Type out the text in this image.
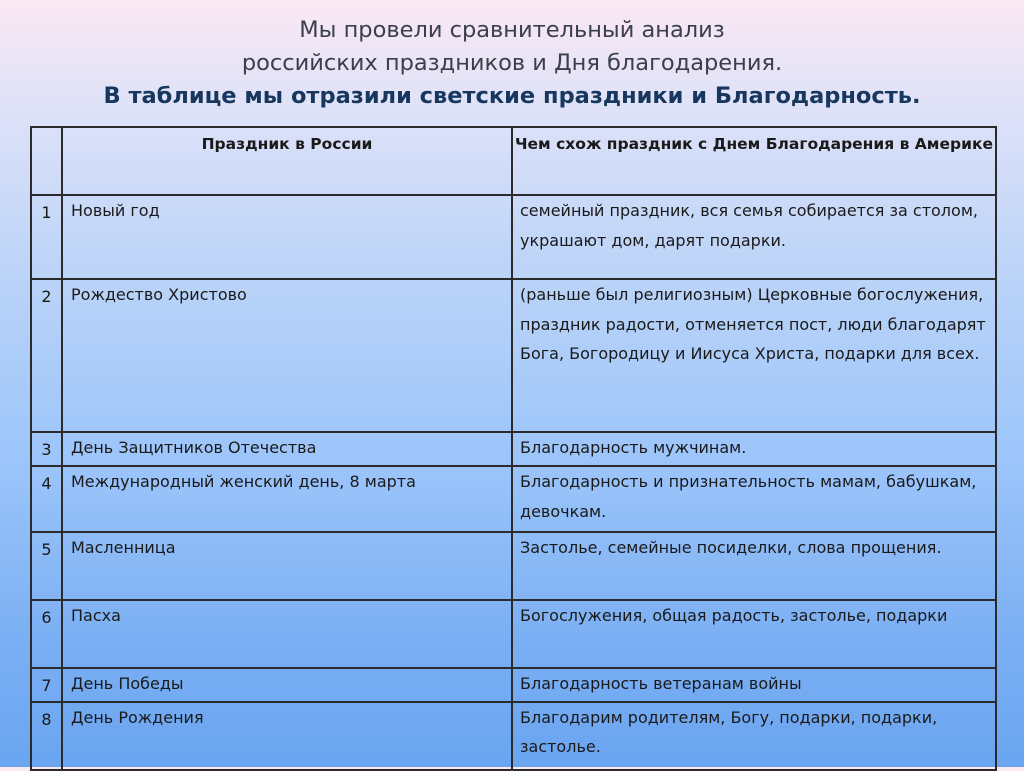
Мы провели сравнительный анализ
российских праздников и Дня благодарения.
В таблице мы отразили светские праздники и Благодарность.
	Праздник в России	Чем схож праздник с Днем Благодарения в Америке
1	Новый год	семейный праздник, вся семья собирается за столом, украшают дом, дарят подарки.
2	Рождество Христово	(раньше был религиозным) Церковные богослужения, праздник радости, отменяется пост, люди благодарят Бога, Богородицу и Иисуса Христа, подарки для всех.
3	День Защитников Отечества	Благодарность мужчинам.
4	Международный женский день, 8 марта	Благодарность и признательность мамам, бабушкам, девочкам.
5	Масленница	Застолье, семейные посиделки, слова прощения.
6	Пасха	Богослужения, общая радость, застолье, подарки
7	День Победы	Благодарность ветеранам войны
8	День Рождения	Благодарим родителям, Богу, подарки, подарки, застолье.
